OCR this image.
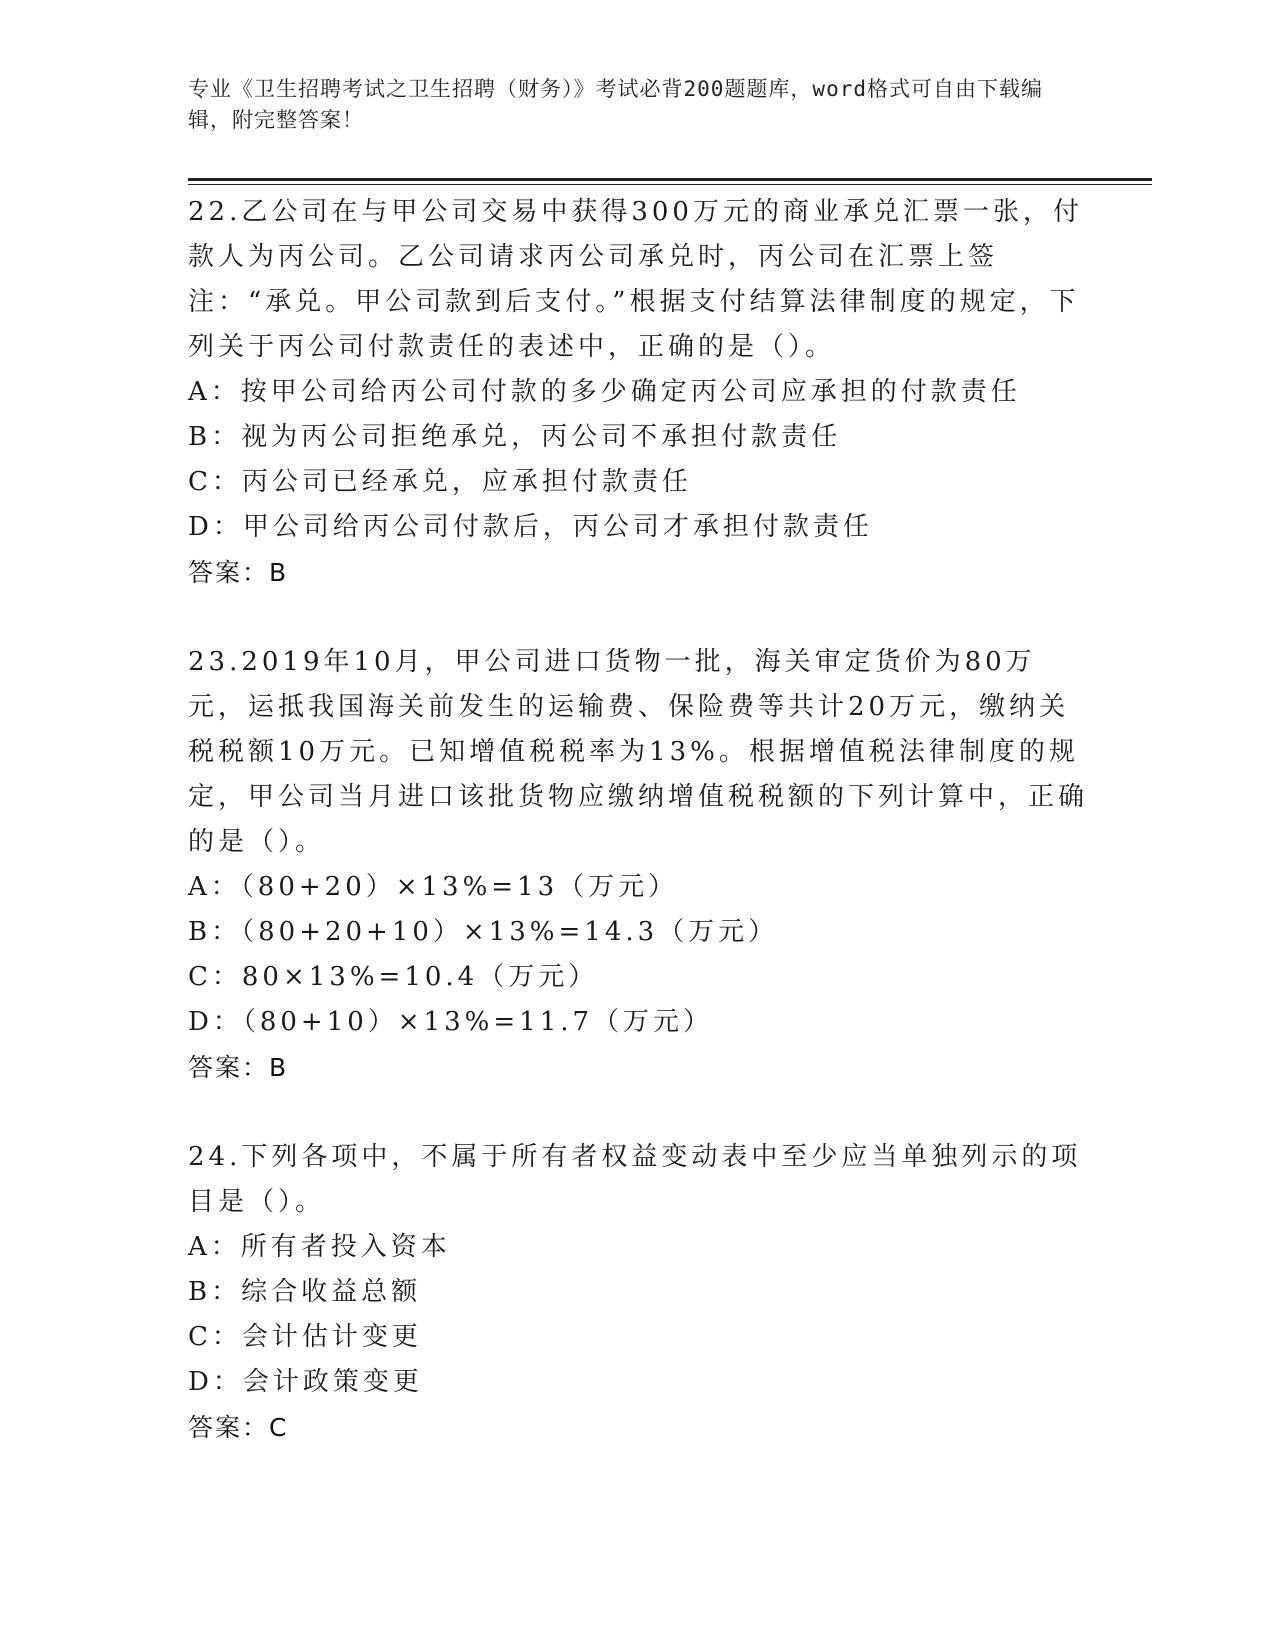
专业《卫生招聘考试之卫生招聘（财务）》考试必背200题题库，word格式可自由下载编辑，附完整答案！

22.乙公司在与甲公司交易中获得300万元的商业承兑汇票一张，付款人为丙公司。乙公司请求丙公司承兑时，丙公司在汇票上签注：“承兑。甲公司款到后支付。”根据支付结算法律制度的规定，下列关于丙公司付款责任的表述中，正确的是（）。

A：按甲公司给丙公司付款的多少确定丙公司应承担的付款责任

B：视为丙公司拒绝承兑，丙公司不承担付款责任

C：丙公司已经承兑，应承担付款责任

D：甲公司给丙公司付款后，丙公司才承担付款责任

答案：B

23.2019年10月，甲公司进口货物一批，海关审定货价为80万元，运抵我国海关前发生的运输费、保险费等共计20万元，缴纳关税税额10万元。已知增值税税率为13%。根据增值税法律制度的规定，甲公司当月进口该批货物应缴纳增值税税额的下列计算中，正确的是（）。

A：（80+20）×13%=13（万元）

B：（80+20+10）×13%=14.3（万元）

C：80×13%=10.4（万元）

D：（80+10）×13%=11.7（万元）

答案：B

24.下列各项中，不属于所有者权益变动表中至少应当单独列示的项目是（）。

A：所有者投入资本

B：综合收益总额

C：会计估计变更

D：会计政策变更

答案：C
